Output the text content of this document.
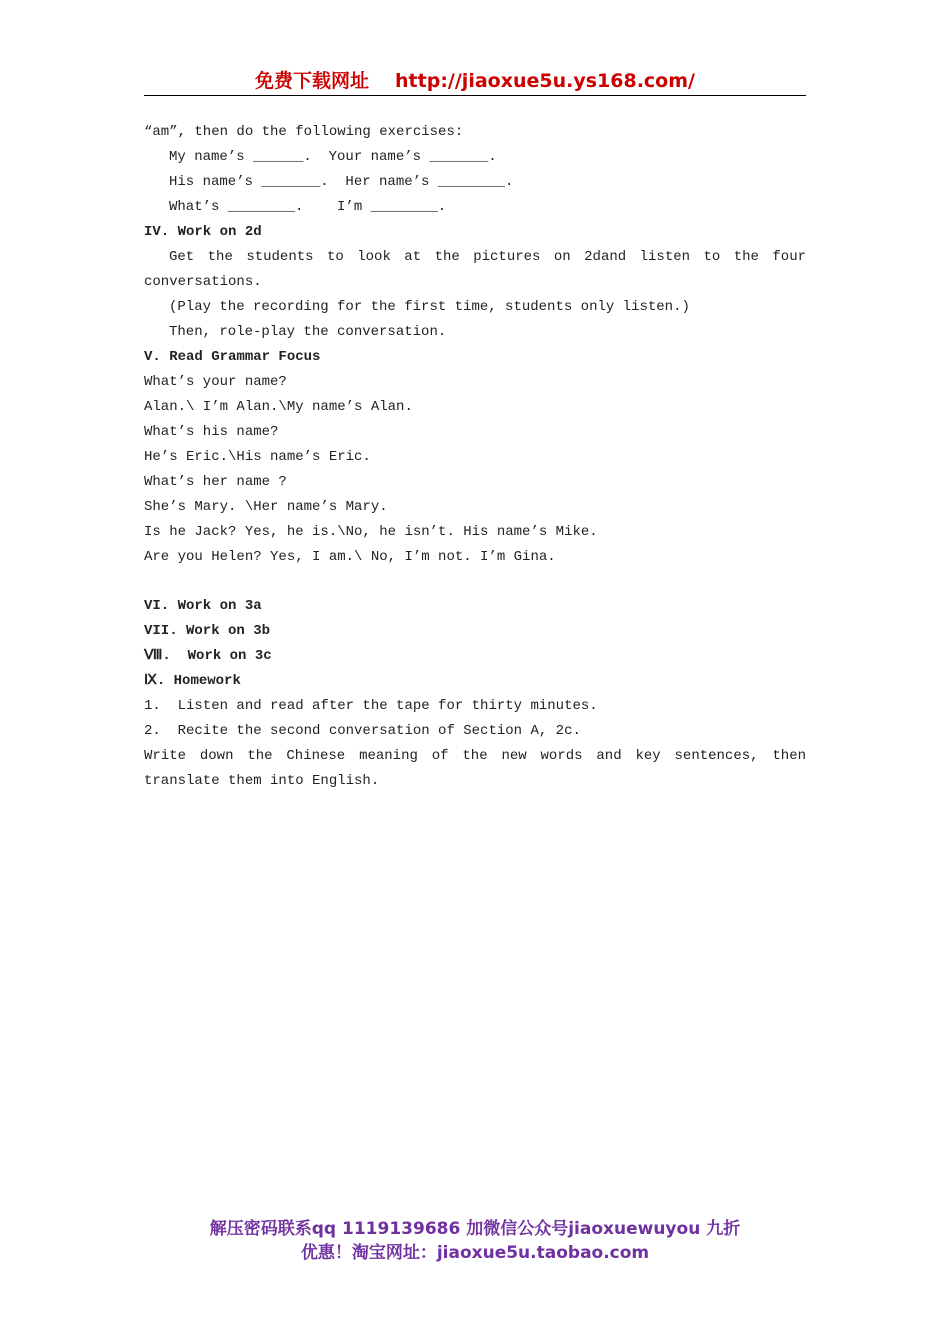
免费下载网址 http://jiaoxue5u.ys168.com/
“am”, then do the following exercises:
My name’s ______.  Your name’s _______.
His name’s _______.  Her name’s ________.
What’s ________.    I’m ________.
IV. Work on 2d
Get the students to look at the pictures on 2dand listen to the four
conversations.
(Play the recording for the first time, students only listen.)
Then, role-play the conversation.
V. Read Grammar Focus
What’s your name?
Alan.\ I’m Alan.\My name’s Alan.
What’s his name?
He’s Eric.\His name’s Eric.
What’s her name ?
She’s Mary. \Her name’s Mary.
Is he Jack? Yes, he is.\No, he isn’t. His name’s Mike.
Are you Helen? Yes, I am.\ No, I’m not. I’m Gina.
VI. Work on 3a
VII. Work on 3b
Ⅷ.  Work on 3c
Ⅸ. Homework
1.  Listen and read after the tape for thirty minutes.
2.  Recite the second conversation of Section A, 2c.
Write down the Chinese meaning of the new words and key sentences, then
translate them into English.
解压密码联系qq 1119139686 加微信公众号jiaoxuewuyou 九折
优惠！淘宝网址：jiaoxue5u.taobao.com
